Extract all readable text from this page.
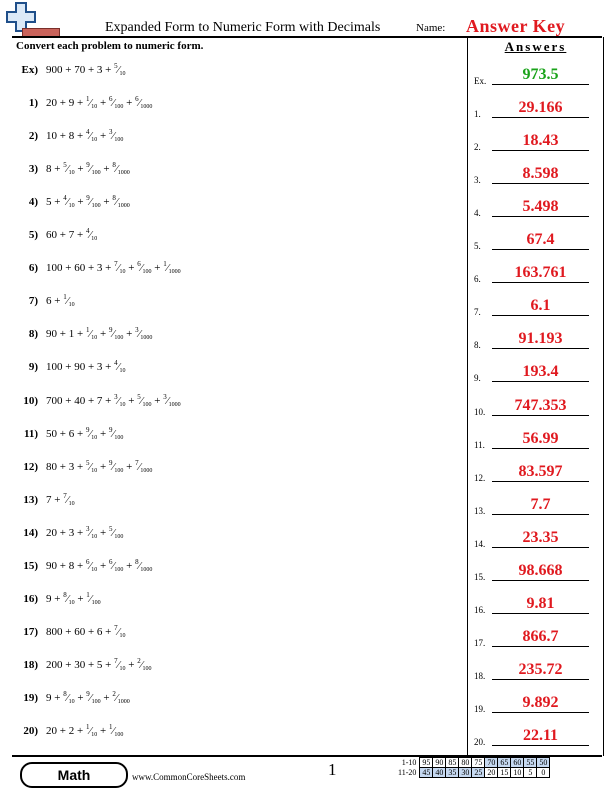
Expanded Form to Numeric Form with Decimals	Name: Answer Key
Convert each problem to numeric form.	Answers
Ex) $900 + 70 + 3 + ^5⁄_{10}$
1) $20 + 9 + ^1⁄_{10}$ + $^6⁄_{100}$ + $^6⁄_{1000}$
2) $10 + 8 + ^4⁄_{10}$ + $^3⁄_{100}$
3) $8 + ^5⁄_{10}$ + $^9⁄_{100}$ + $^8⁄_{1000}$
4) $5 + ^4⁄_{10}$ + $^9⁄_{100}$ + $^8⁄_{1000}$
5) $60 + 7 + ^4⁄_{10}$
6) $100 + 60 + 3 + ^7⁄_{10}$ + $^6⁄_{100}$ + $^1⁄_{1000}$
7) $6 + ^1⁄_{10}$
8) $90 + 1 + ^1⁄_{10}$ + $^9⁄_{100}$ + $^3⁄_{1000}$
9) $100 + 90 + 3 + ^4⁄_{10}$
10) $700 + 40 + 7 + ^3⁄_{10}$ + $^5⁄_{100}$ + $^3⁄_{1000}$
11) $50 + 6 + ^9⁄_{10}$ + $^9⁄_{100}$
12) $80 + 3 + ^5⁄_{10}$ + $^9⁄_{100}$ + $^7⁄_{1000}$
13) $7 + ^7⁄_{10}$
14) $20 + 3 + ^3⁄_{10}$ + $^5⁄_{100}$
15) $90 + 8 + ^6⁄_{10}$ + $^6⁄_{100}$ + $^8⁄_{1000}$
16) $9 + ^8⁄_{10}$ + $^1⁄_{100}$
17) $800 + 60 + 6 + ^7⁄_{10}$
18) $200 + 30 + 5 + ^7⁄_{10}$ + $^2⁄_{100}$
19) $9 + ^8⁄_{10}$ + $^9⁄_{100}$ + $^2⁄_{1000}$
20) $20 + 2 + ^1⁄_{10}$ + $^1⁄_{100}$
Ex.	973.5
1.	29.166
2.	18.43
3.	8.598
4.	5.498
5.	67.4
6.	163.761
7.	6.1
8.	91.193
9.	193.4
10.	747.353
11.	56.99
12.	83.597
13.	7.7
14.	23.35
15.	98.668
16.	9.81
17.	866.7
18.	235.72
19.	9.892
20.	22.11
Math	www.CommonCoreSheets.com	1	1-10	95	90	85	80	75	70	65	60	55	50
11-20	45	40	35	30	25	20	15	10	5	0
